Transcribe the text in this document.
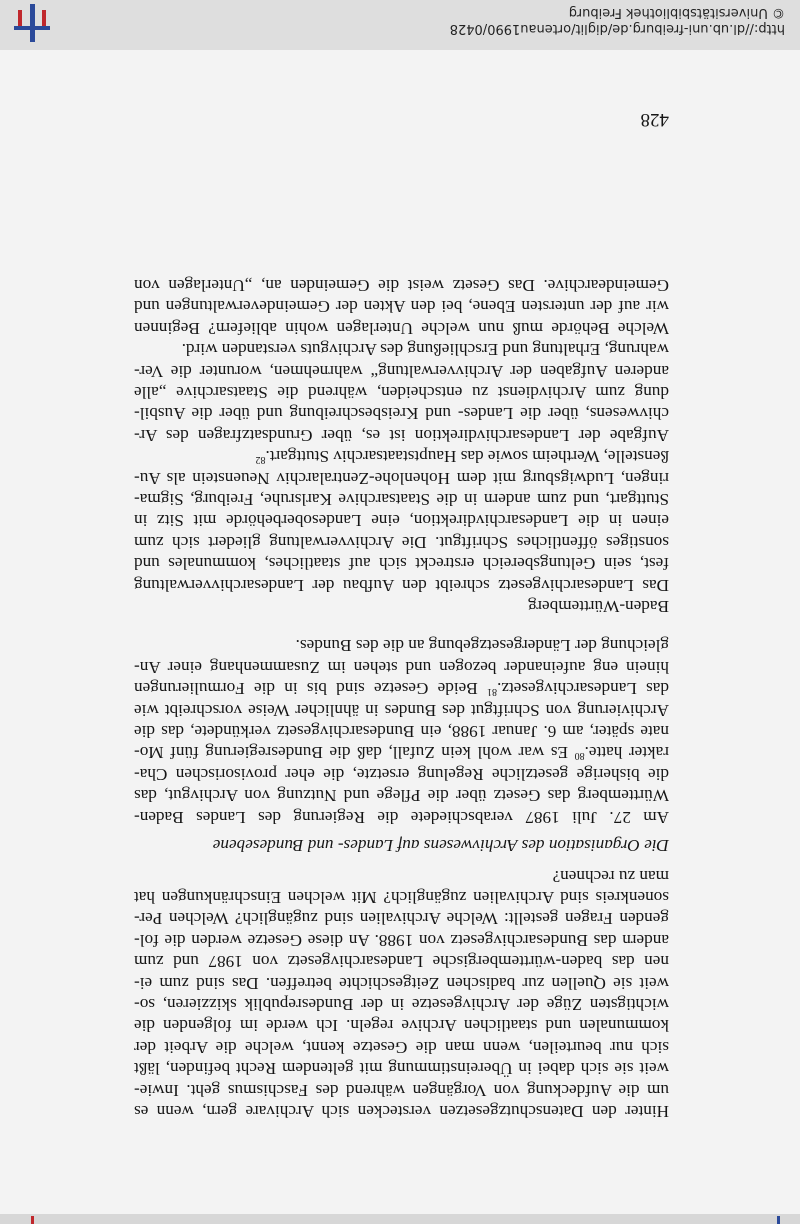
Hinter den Datenschutzgesetzen verstecken sich Archivare gern, wenn es

um die Aufdeckung von Vorgängen während des Faschismus geht. Inwie-

weit sie sich dabei in Übereinstimmung mit geltendem Recht befinden, läßt

sich nur beurteilen, wenn man die Gesetze kennt, welche die Arbeit der

kommunalen und staatlichen Archive regeln. Ich werde im folgenden die

wichtigsten Züge der Archivgesetze in der Bundesrepublik skizzieren, so-

weit sie Quellen zur badischen Zeitgeschichte betreffen. Das sind zum ei-

nen das baden-württembergische Landesarchivgesetz von 1987 und zum

andern das Bundesarchivgesetz von 1988. An diese Gesetze werden die fol-

genden Fragen gestellt: Welche Archivalien sind zugänglich? Welchen Per-

sonenkreis sind Archivalien zugänglich? Mit welchen Einschränkungen hat

man zu rechnen?

Die Organisation des Archivwesens auf Landes- und Bundesebene

Am 27. Juli 1987 verabschiedete die Regierung des Landes Baden-

Württemberg das Gesetz über die Pflege und Nutzung von Archivgut, das

die bisherige gesetzliche Regelung ersetzte, die eher provisorischen Cha-

rakter hatte.$^{80}$ Es war wohl kein Zufall, daß die Bundesregierung fünf Mo-

nate später, am 6. Januar 1988, ein Bundesarchivgesetz verkündete, das die

Archivierung von Schriftgut des Bundes in ähnlicher Weise vorschreibt wie

das Landesarchivgesetz.$^{81}$ Beide Gesetze sind bis in die Formulierungen

hinein eng aufeinander bezogen und stehen im Zusammenhang einer An-

gleichung der Ländergesetzgebung an die des Bundes.

Baden-Württemberg

Das Landesarchivgesetz schreibt den Aufbau der Landesarchivverwaltung

fest, sein Geltungsbereich erstreckt sich auf staatliches, kommunales und

sonstiges öffentliches Schriftgut. Die Archivverwaltung gliedert sich zum

einen in die Landesarchivdirektion, eine Landesoberbehörde mit Sitz in

Stuttgart, und zum andern in die Staatsarchive Karlsruhe, Freiburg, Sigma-

ringen, Ludwigsburg mit dem Hohenlohe-Zentralarchiv Neuenstein als Au-

ßenstelle, Wertheim sowie das Hauptstaatsarchiv Stuttgart.$^{82}$

Aufgabe der Landesarchivdirektion ist es, über Grundsatzfragen des Ar-

chivwesens, über die Landes- und Kreisbeschreibung und über die Ausbil-

dung zum Archivdienst zu entscheiden, während die Staatsarchive „alle

anderen Aufgaben der Archivverwaltung“ wahrnehmen, worunter die Ver-

wahrung, Erhaltung und Erschließung des Archivguts verstanden wird.

Welche Behörde muß nun welche Unterlagen wohin abliefern? Beginnen

wir auf der untersten Ebene, bei den Akten der Gemeindeverwaltungen und

Gemeindearchive. Das Gesetz weist die Gemeinden an, „Unterlagen von

428
http://dl.ub.uni-freiburg.de/diglit/ortenau1990/0428
© Universitätsbibliothek Freiburg
